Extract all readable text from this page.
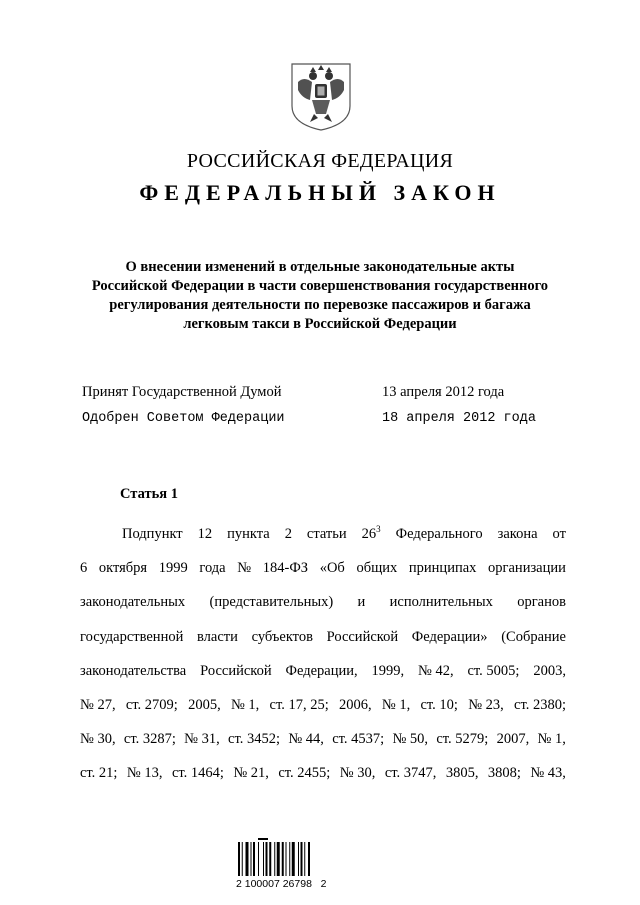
РОССИЙСКАЯ ФЕДЕРАЦИЯ
ФЕДЕРАЛЬНЫЙ ЗАКОН
О внесении изменений в отдельные законодательные акты
Российской Федерации в части совершенствования государственного
регулирования деятельности по перевозке пассажиров и багажа
легковым такси в Российской Федерации
Принят Государственной Думой	13 апреля 2012 года
Одобрен Советом Федерации	18 апреля 2012 года
Статья 1
Подпункт 12 пункта 2 статьи $26^3$ Федерального закона от
6 октября 1999 года № 184-ФЗ «Об общих принципах организации
законодательных (представительных) и исполнительных органов
государственной власти субъектов Российской Федерации» (Собрание
законодательства Российской Федерации, 1999, № 42, ст. 5005; 2003,
№ 27, ст. 2709; 2005, № 1, ст. 17, 25; 2006, № 1, ст. 10; № 23, ст. 2380;
№ 30, ст. 3287; № 31, ст. 3452; № 44, ст. 4537; № 50, ст. 5279; 2007, № 1,
ст. 21; № 13, ст. 1464; № 21, ст. 2455; № 30, ст. 3747, 3805, 3808; № 43,
2 100007 26798   2
